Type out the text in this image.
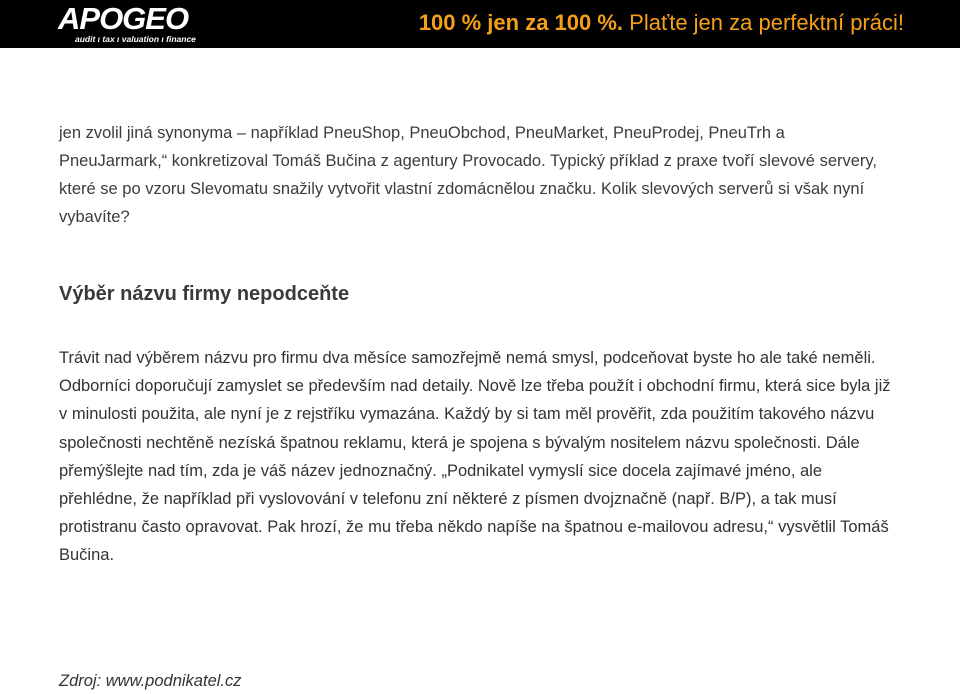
APOGEO
audit ı tax ı valuation ı finance
100 % jen za 100 %. Plaťte jen za perfektní práci!

jen zvolil jiná synonyma – například PneuShop, PneuObchod, PneuMarket, PneuProdej, PneuTrh a PneuJarmark,“ konkretizoval Tomáš Bučina z agentury Provocado. Typický příklad z praxe tvoří slevové servery, které se po vzoru Slevomatu snažily vytvořit vlastní zdomácnělou značku. Kolik slevových serverů si však nyní vybavíte?

Výběr názvu firmy nepodceňte

Trávit nad výběrem názvu pro firmu dva měsíce samozřejmě nemá smysl, podceňovat byste ho ale také neměli. Odborníci doporučují zamyslet se především nad detaily. Nově lze třeba použít i obchodní firmu, která sice byla již v minulosti použita, ale nyní je z rejstříku vymazána. Každý by si tam měl prověřit, zda použitím takového názvu společnosti nechtěně nezíská špatnou reklamu, která je spojena s bývalým nositelem názvu společnosti. Dále přemýšlejte nad tím, zda je váš název jednoznačný. „Podnikatel vymyslí sice docela zajímavé jméno, ale přehlédne, že například při vyslovování v telefonu zní některé z písmen dvojznačně (např. B/P), a tak musí protistranu často opravovat. Pak hrozí, že mu třeba někdo napíše na špatnou e-mailovou adresu,“ vysvětlil Tomáš Bučina.

Zdroj: www.podnikatel.cz
